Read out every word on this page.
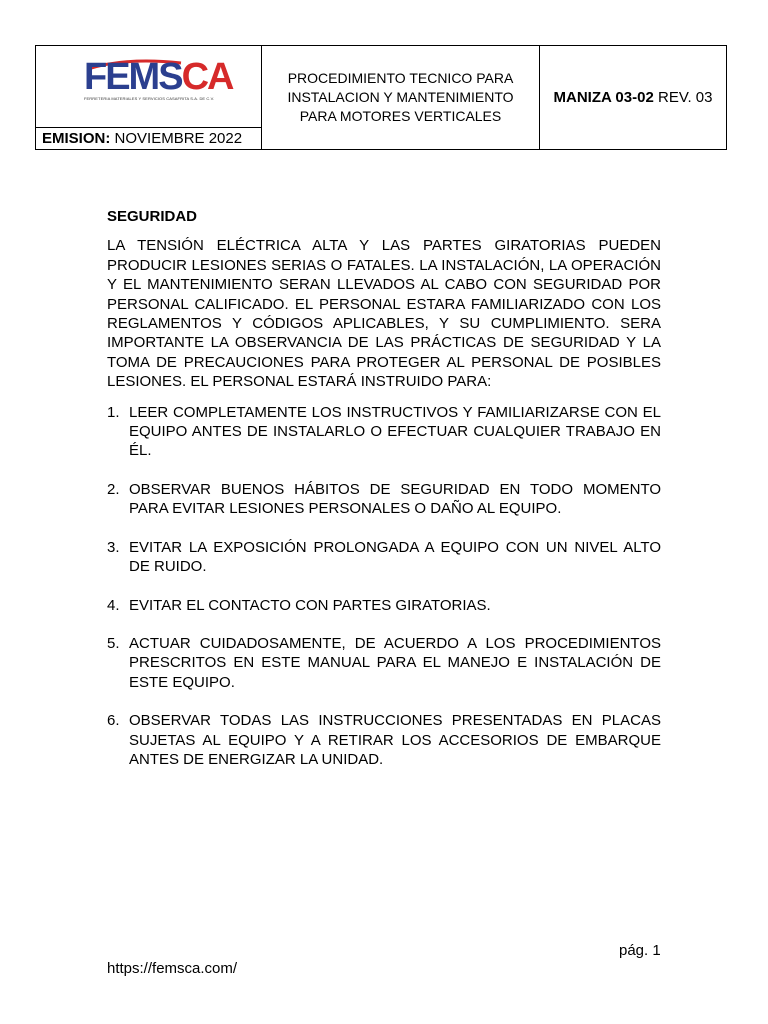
FEMSCA
FERRETERIA MATERIALES Y SERVICIOS CASAFRITA S.A. DE C.V.
EMISION: NOVIEMBRE 2022
PROCEDIMIENTO TECNICO PARA INSTALACION Y MANTENIMIENTO PARA MOTORES VERTICALES
MANIZA 03-02
REV. 03
SEGURIDAD
LA TENSIÓN ELÉCTRICA ALTA Y LAS PARTES GIRATORIAS PUEDEN PRODUCIR LESIONES SERIAS O FATALES. LA INSTALACIÓN, LA OPERACIÓN Y EL MANTENIMIENTO SERAN LLEVADOS AL CABO CON SEGURIDAD POR PERSONAL CALIFICADO. EL PERSONAL ESTARA FAMILIARIZADO CON LOS REGLAMENTOS Y CÓDIGOS APLICABLES, Y SU CUMPLIMIENTO. SERA IMPORTANTE LA OBSERVANCIA DE LAS PRÁCTICAS DE SEGURIDAD Y LA TOMA DE PRECAUCIONES PARA PROTEGER AL PERSONAL DE POSIBLES LESIONES. EL PERSONAL ESTARÁ INSTRUIDO PARA:
1. LEER COMPLETAMENTE LOS INSTRUCTIVOS Y FAMILIARIZARSE CON EL EQUIPO ANTES DE INSTALARLO O EFECTUAR CUALQUIER TRABAJO EN ÉL.
2. OBSERVAR BUENOS HÁBITOS DE SEGURIDAD EN TODO MOMENTO PARA EVITAR LESIONES PERSONALES O DAÑO AL EQUIPO.
3. EVITAR LA EXPOSICIÓN PROLONGADA A EQUIPO CON UN NIVEL ALTO DE RUIDO.
4. EVITAR EL CONTACTO CON PARTES GIRATORIAS.
5. ACTUAR CUIDADOSAMENTE, DE ACUERDO A LOS PROCEDIMIENTOS PRESCRITOS EN ESTE MANUAL PARA EL MANEJO E INSTALACIÓN DE ESTE EQUIPO.
6. OBSERVAR TODAS LAS INSTRUCCIONES PRESENTADAS EN PLACAS SUJETAS AL EQUIPO Y A RETIRAR LOS ACCESORIOS DE EMBARQUE ANTES DE ENERGIZAR LA UNIDAD.
pág. 1
https://femsca.com/
